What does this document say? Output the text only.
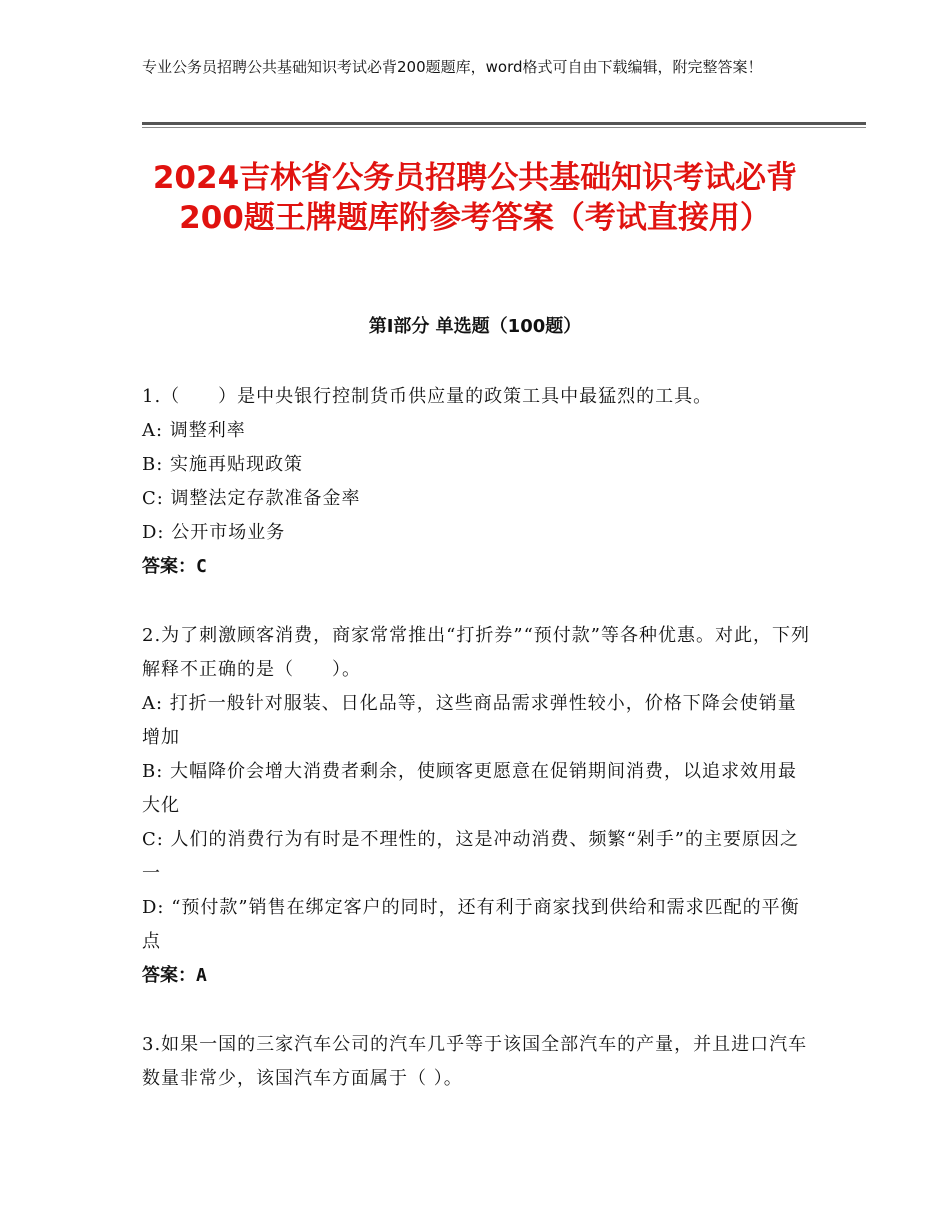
专业公务员招聘公共基础知识考试必背200题题库，word格式可自由下载编辑，附完整答案！
2024吉林省公务员招聘公共基础知识考试必背200题王牌题库附参考答案（考试直接用）
第I部分 单选题（100题）
1.（　　）是中央银行控制货币供应量的政策工具中最猛烈的工具。
A: 调整利率
B: 实施再贴现政策
C: 调整法定存款准备金率
D: 公开市场业务
答案：C
2.为了刺激顾客消费，商家常常推出“打折券”“预付款”等各种优惠。对此，下列解释不正确的是（　　）。
A: 打折一般针对服装、日化品等，这些商品需求弹性较小，价格下降会使销量增加
B: 大幅降价会增大消费者剩余，使顾客更愿意在促销期间消费，以追求效用最大化
C: 人们的消费行为有时是不理性的，这是冲动消费、频繁“剁手”的主要原因之一
D: “预付款”销售在绑定客户的同时，还有利于商家找到供给和需求匹配的平衡点
答案：A
3.如果一国的三家汽车公司的汽车几乎等于该国全部汽车的产量，并且进口汽车数量非常少，该国汽车方面属于（ ）。
